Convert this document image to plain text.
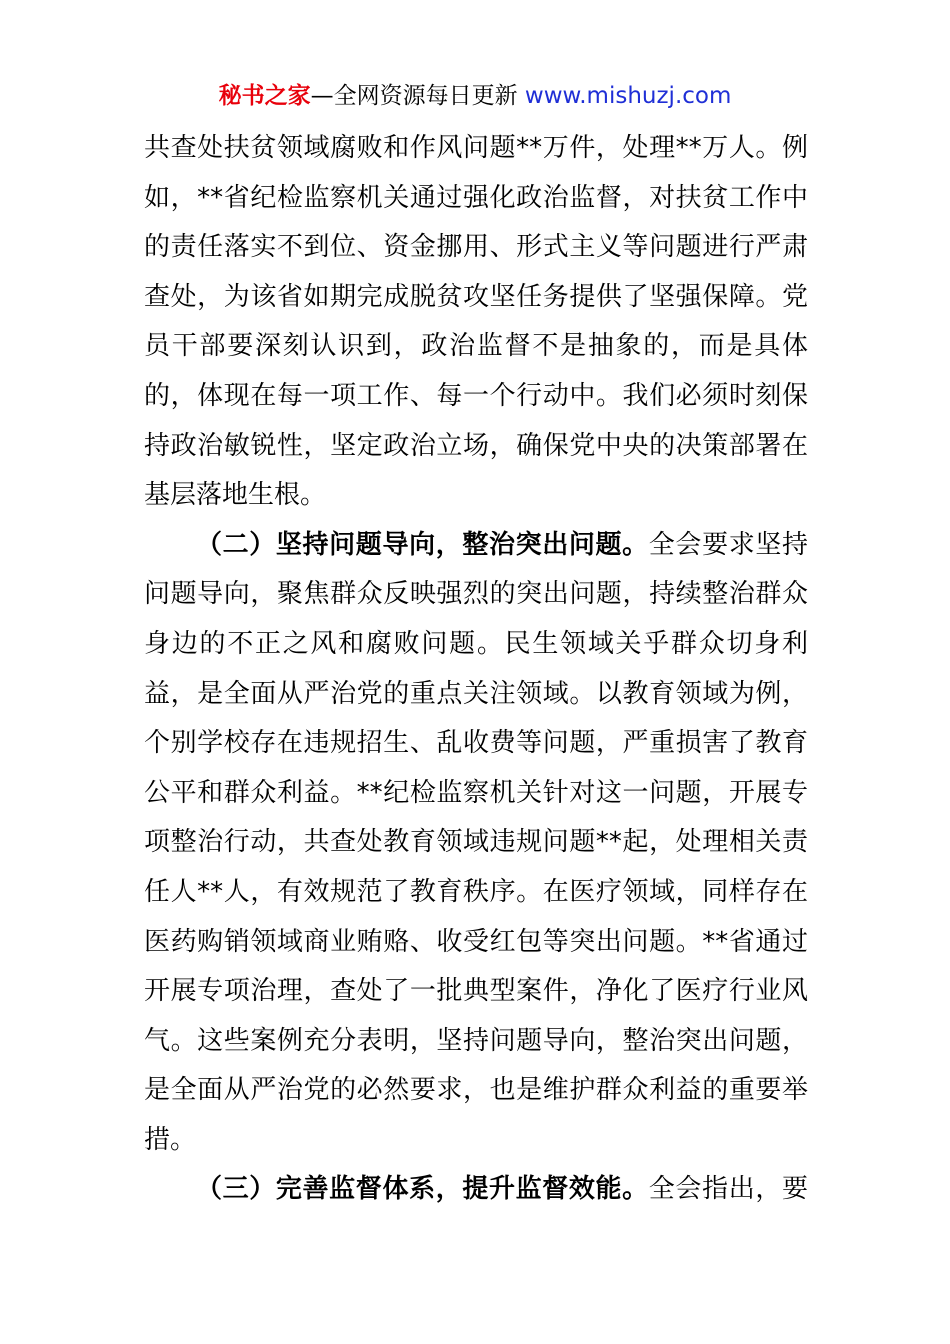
秘书之家—全网资源每日更新 www.mishuzj.com
共查处扶贫领域腐败和作风问题**万件，处理**万人。例
如，**省纪检监察机关通过强化政治监督，对扶贫工作中
的责任落实不到位、资金挪用、形式主义等问题进行严肃
查处，为该省如期完成脱贫攻坚任务提供了坚强保障。党
员干部要深刻认识到，政治监督不是抽象的，而是具体
的，体现在每一项工作、每一个行动中。我们必须时刻保
持政治敏锐性，坚定政治立场，确保党中央的决策部署在
基层落地生根。
（二）坚持问题导向，整治突出问题。全会要求坚持
问题导向，聚焦群众反映强烈的突出问题，持续整治群众
身边的不正之风和腐败问题。民生领域关乎群众切身利
益，是全面从严治党的重点关注领域。以教育领域为例，
个别学校存在违规招生、乱收费等问题，严重损害了教育
公平和群众利益。**纪检监察机关针对这一问题，开展专
项整治行动，共查处教育领域违规问题**起，处理相关责
任人**人，有效规范了教育秩序。在医疗领域，同样存在
医药购销领域商业贿赂、收受红包等突出问题。**省通过
开展专项治理，查处了一批典型案件，净化了医疗行业风
气。这些案例充分表明，坚持问题导向，整治突出问题，
是全面从严治党的必然要求，也是维护群众利益的重要举
措。
（三）完善监督体系，提升监督效能。全会指出，要
